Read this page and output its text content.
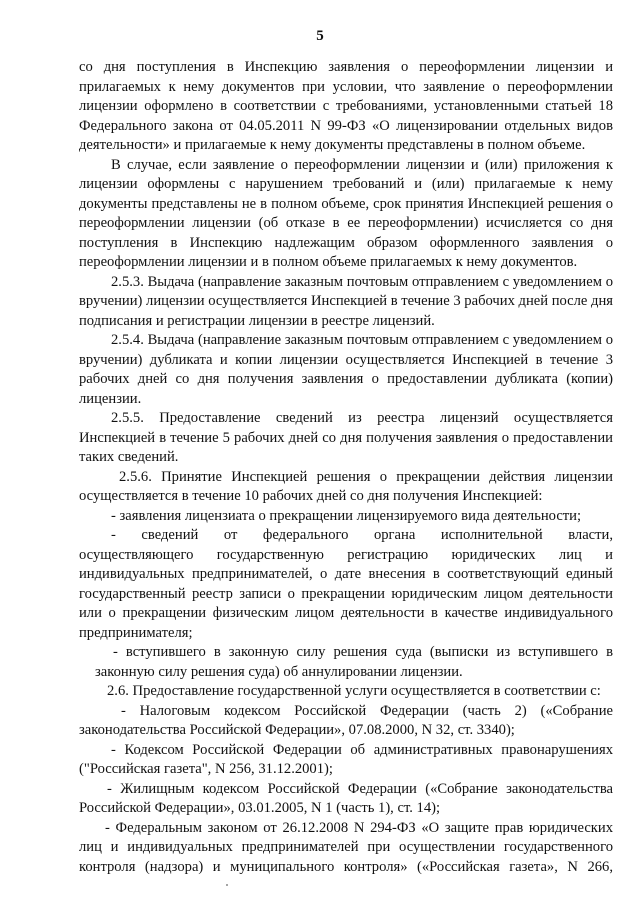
5

со дня поступления в Инспекцию заявления о переоформлении лицензии и прилагаемых к нему документов при условии, что заявление о переоформлении лицензии оформлено в соответствии с требованиями, установленными статьей 18 Федерального закона от 04.05.2011 N 99-ФЗ «О лицензировании отдельных видов деятельности» и прилагаемые к нему документы представлены в полном объеме.

В случае, если заявление о переоформлении лицензии и (или) приложения к лицензии оформлены с нарушением требований и (или) прилагаемые к нему документы представлены не в полном объеме, срок принятия Инспекцией решения о переоформлении лицензии (об отказе в ее переоформлении) исчисляется со дня поступления в Инспекцию надлежащим образом оформленного заявления о переоформлении лицензии и в полном объеме прилагаемых к нему документов.

2.5.3. Выдача (направление заказным почтовым отправлением с уведомлением о вручении) лицензии осуществляется Инспекцией в течение 3 рабочих дней после дня подписания и регистрации лицензии в реестре лицензий.

2.5.4. Выдача (направление заказным почтовым отправлением с уведомлением о вручении) дубликата и копии лицензии осуществляется Инспекцией в течение 3 рабочих дней со дня получения заявления о предоставлении дубликата (копии) лицензии.

2.5.5. Предоставление сведений из реестра лицензий осуществляется Инспекцией в течение 5 рабочих дней со дня получения заявления о предоставлении таких сведений.

2.5.6. Принятие Инспекцией решения о прекращении действия лицензии осуществляется в течение 10 рабочих дней со дня получения Инспекцией:

- заявления лицензиата о прекращении лицензируемого вида деятельности;

- сведений от федерального органа исполнительной власти,
осуществляющего государственную регистрацию юридических лиц и
индивидуальных предпринимателей, о дате внесения в соответствующий единый
государственный реестр записи о прекращении юридическим лицом деятельности
или о прекращении физическим лицом деятельности в качестве индивидуального
предпринимателя;

- вступившего в законную силу решения суда (выписки из вступившего в законную силу решения суда) об аннулировании лицензии.

2.6. Предоставление государственной услуги осуществляется в соответствии с:

- Налоговым кодексом Российской Федерации (часть 2) («Собрание законодательства Российской Федерации», 07.08.2000, N 32, ст. 3340);

- Кодексом Российской Федерации об административных правонарушениях ("Российская газета", N 256, 31.12.2001);

- Жилищным кодексом Российской Федерации («Собрание законодательства Российской Федерации», 03.01.2005, N 1 (часть 1), ст. 14);

- Федеральным законом от 26.12.2008 N 294-ФЗ «О защите прав юридических
лиц и индивидуальных предпринимателей при осуществлении государственного
контроля (надзора) и муниципального контроля» («Российская газета», N 266,
